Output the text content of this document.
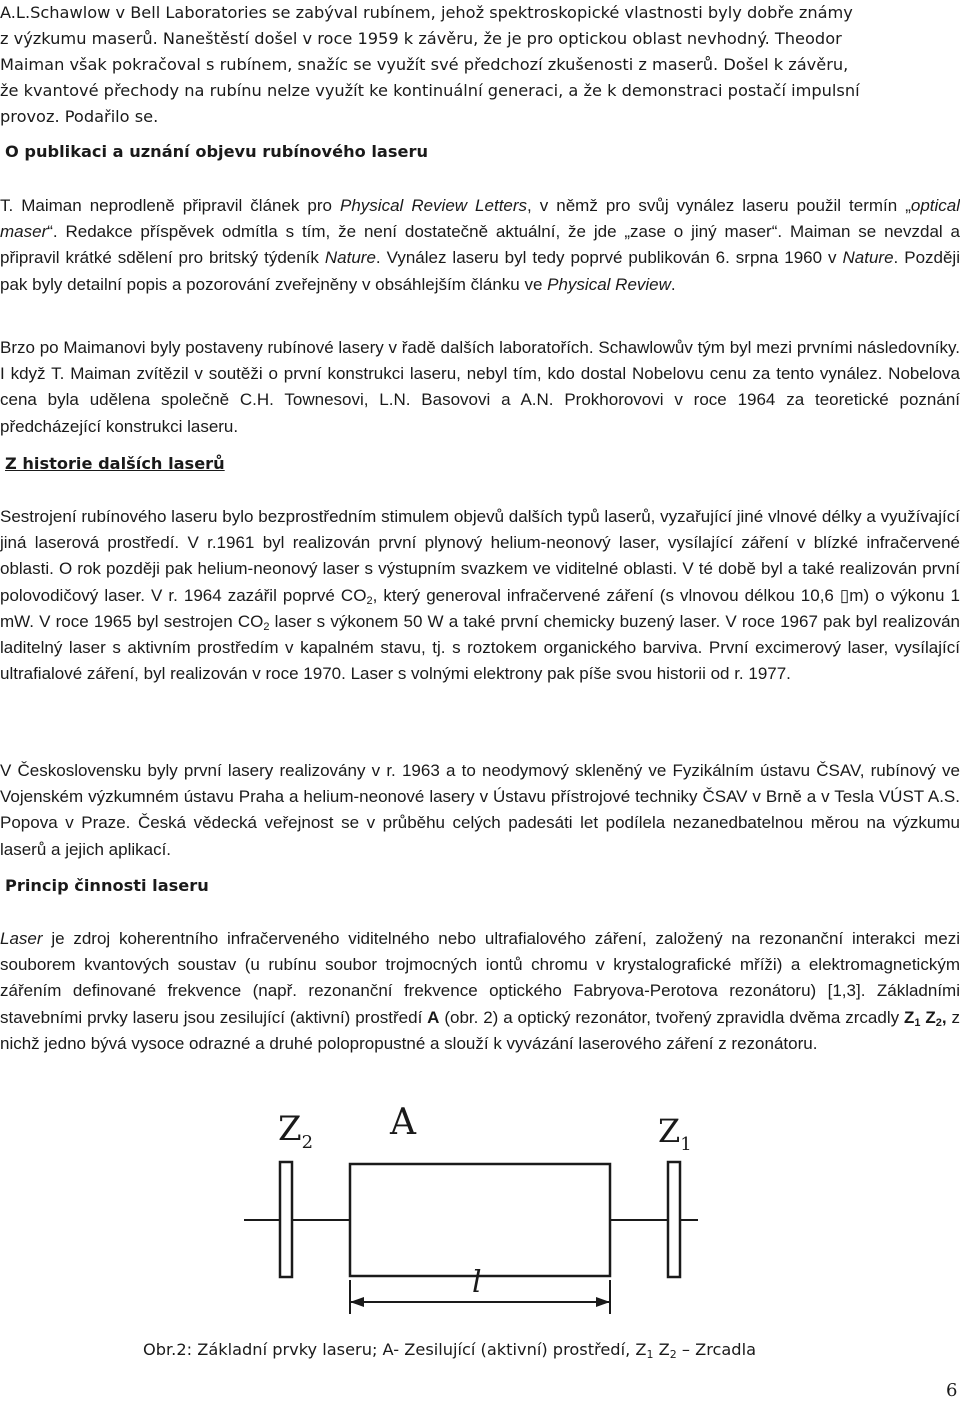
A.L.Schawlow v Bell Laboratories se zabýval rubínem, jehož spektroskopické vlastnosti byly dobře známy

z výzkumu maserů. Naneštěstí došel v roce 1959 k závěru, že je pro optickou oblast nevhodný. Theodor

Maiman však pokračoval s rubínem, snažíc se využít své předchozí zkušenosti z maserů. Došel k závěru,

že kvantové přechody na rubínu nelze využít ke kontinuální generaci, a že k demonstraci postačí impulsní

provoz. Podařilo se.

O publikaci a uznání objevu rubínového laseru

T. Maiman neprodleně připravil článek pro Physical Review Letters, v němž pro svůj vynález laseru použil termín „optical maser“. Redakce příspěvek odmítla s tím, že není dostatečně aktuální, že jde „zase o jiný maser“. Maiman se nevzdal a připravil krátké sdělení pro britský týdeník Nature. Vynález laseru byl tedy poprvé publikován 6. srpna 1960 v Nature. Později pak byly detailní popis a pozorování zveřejněny v obsáhlejším článku ve Physical Review.

Brzo po Maimanovi byly postaveny rubínové lasery v řadě dalších laboratořích. Schawlowův tým byl mezi prvními následovníky. I když T. Maiman zvítězil v soutěži o první konstrukci laseru, nebyl tím, kdo dostal Nobelovu cenu za tento vynález. Nobelova cena byla udělena společně C.H. Townesovi, L.N. Basovovi a A.N. Prokhorovovi v roce 1964 za teoretické poznání předcházející konstrukci laseru.

Z historie dalších laserů

Sestrojení rubínového laseru bylo bezprostředním stimulem objevů dalších typů laserů, vyzařující jiné vlnové délky a využívající jiná laserová prostředí. V r.1961 byl realizován první plynový helium-neonový laser, vysílající záření v blízké infračervené oblasti. O rok později pak helium-neonový laser s výstupním svazkem ve viditelné oblasti. V té době byl a také realizován první polovodičový laser. V r. 1964 zazářil poprvé $CO_2$, který generoval infračervené záření (s vlnovou délkou 10,6 ▯m) o výkonu 1 mW. V roce 1965 byl sestrojen $CO_2$ laser s výkonem 50 W a také první chemicky buzený laser. V roce 1967 pak byl realizován laditelný laser s aktivním prostředím v kapalném stavu, tj. s roztokem organického barviva. První excimerový laser, vysílající ultrafialové záření, byl realizován v roce 1970. Laser s volnými elektrony pak píše svou historii od r. 1977.

V Československu byly první lasery realizovány v r. 1963 a to neodymový skleněný ve Fyzikálním ústavu ČSAV, rubínový ve Vojenském výzkumném ústavu Praha a helium-neonové lasery v Ústavu přístrojové techniky ČSAV v Brně a v Tesla VÚST A.S. Popova v Praze. Česká vědecká veřejnost se v průběhu celých padesáti let podílela nezanedbatelnou měrou na výzkumu laserů a jejich aplikací.

Princip činnosti laseru

Laser je zdroj koherentního infračerveného viditelného nebo ultrafialového záření, založený na rezonanční interakci mezi souborem kvantových soustav (u rubínu soubor trojmocných iontů chromu v krystalografické mříži) a elektromagnetickým zářením definované frekvence (např. rezonanční frekvence optického Fabryova-Perotova rezonátoru) [1,3]. Základními stavebními prvky laseru jsou zesilující (aktivní) prostředí A (obr. 2) a optický rezonátor, tvořený zpravidla dvěma zrcadly $Z_1$ $Z_2$, z nichž jedno bývá vysoce odrazné a druhé polopropustné a slouží k vyvázání laserového záření z rezonátoru.

$Z_2$ A	$Z_1$
l
Obr.2: Základní prvky laseru; A- Zesilující (aktivní) prostředí, $Z_1$ $Z_2$ – Zrcadla
6
